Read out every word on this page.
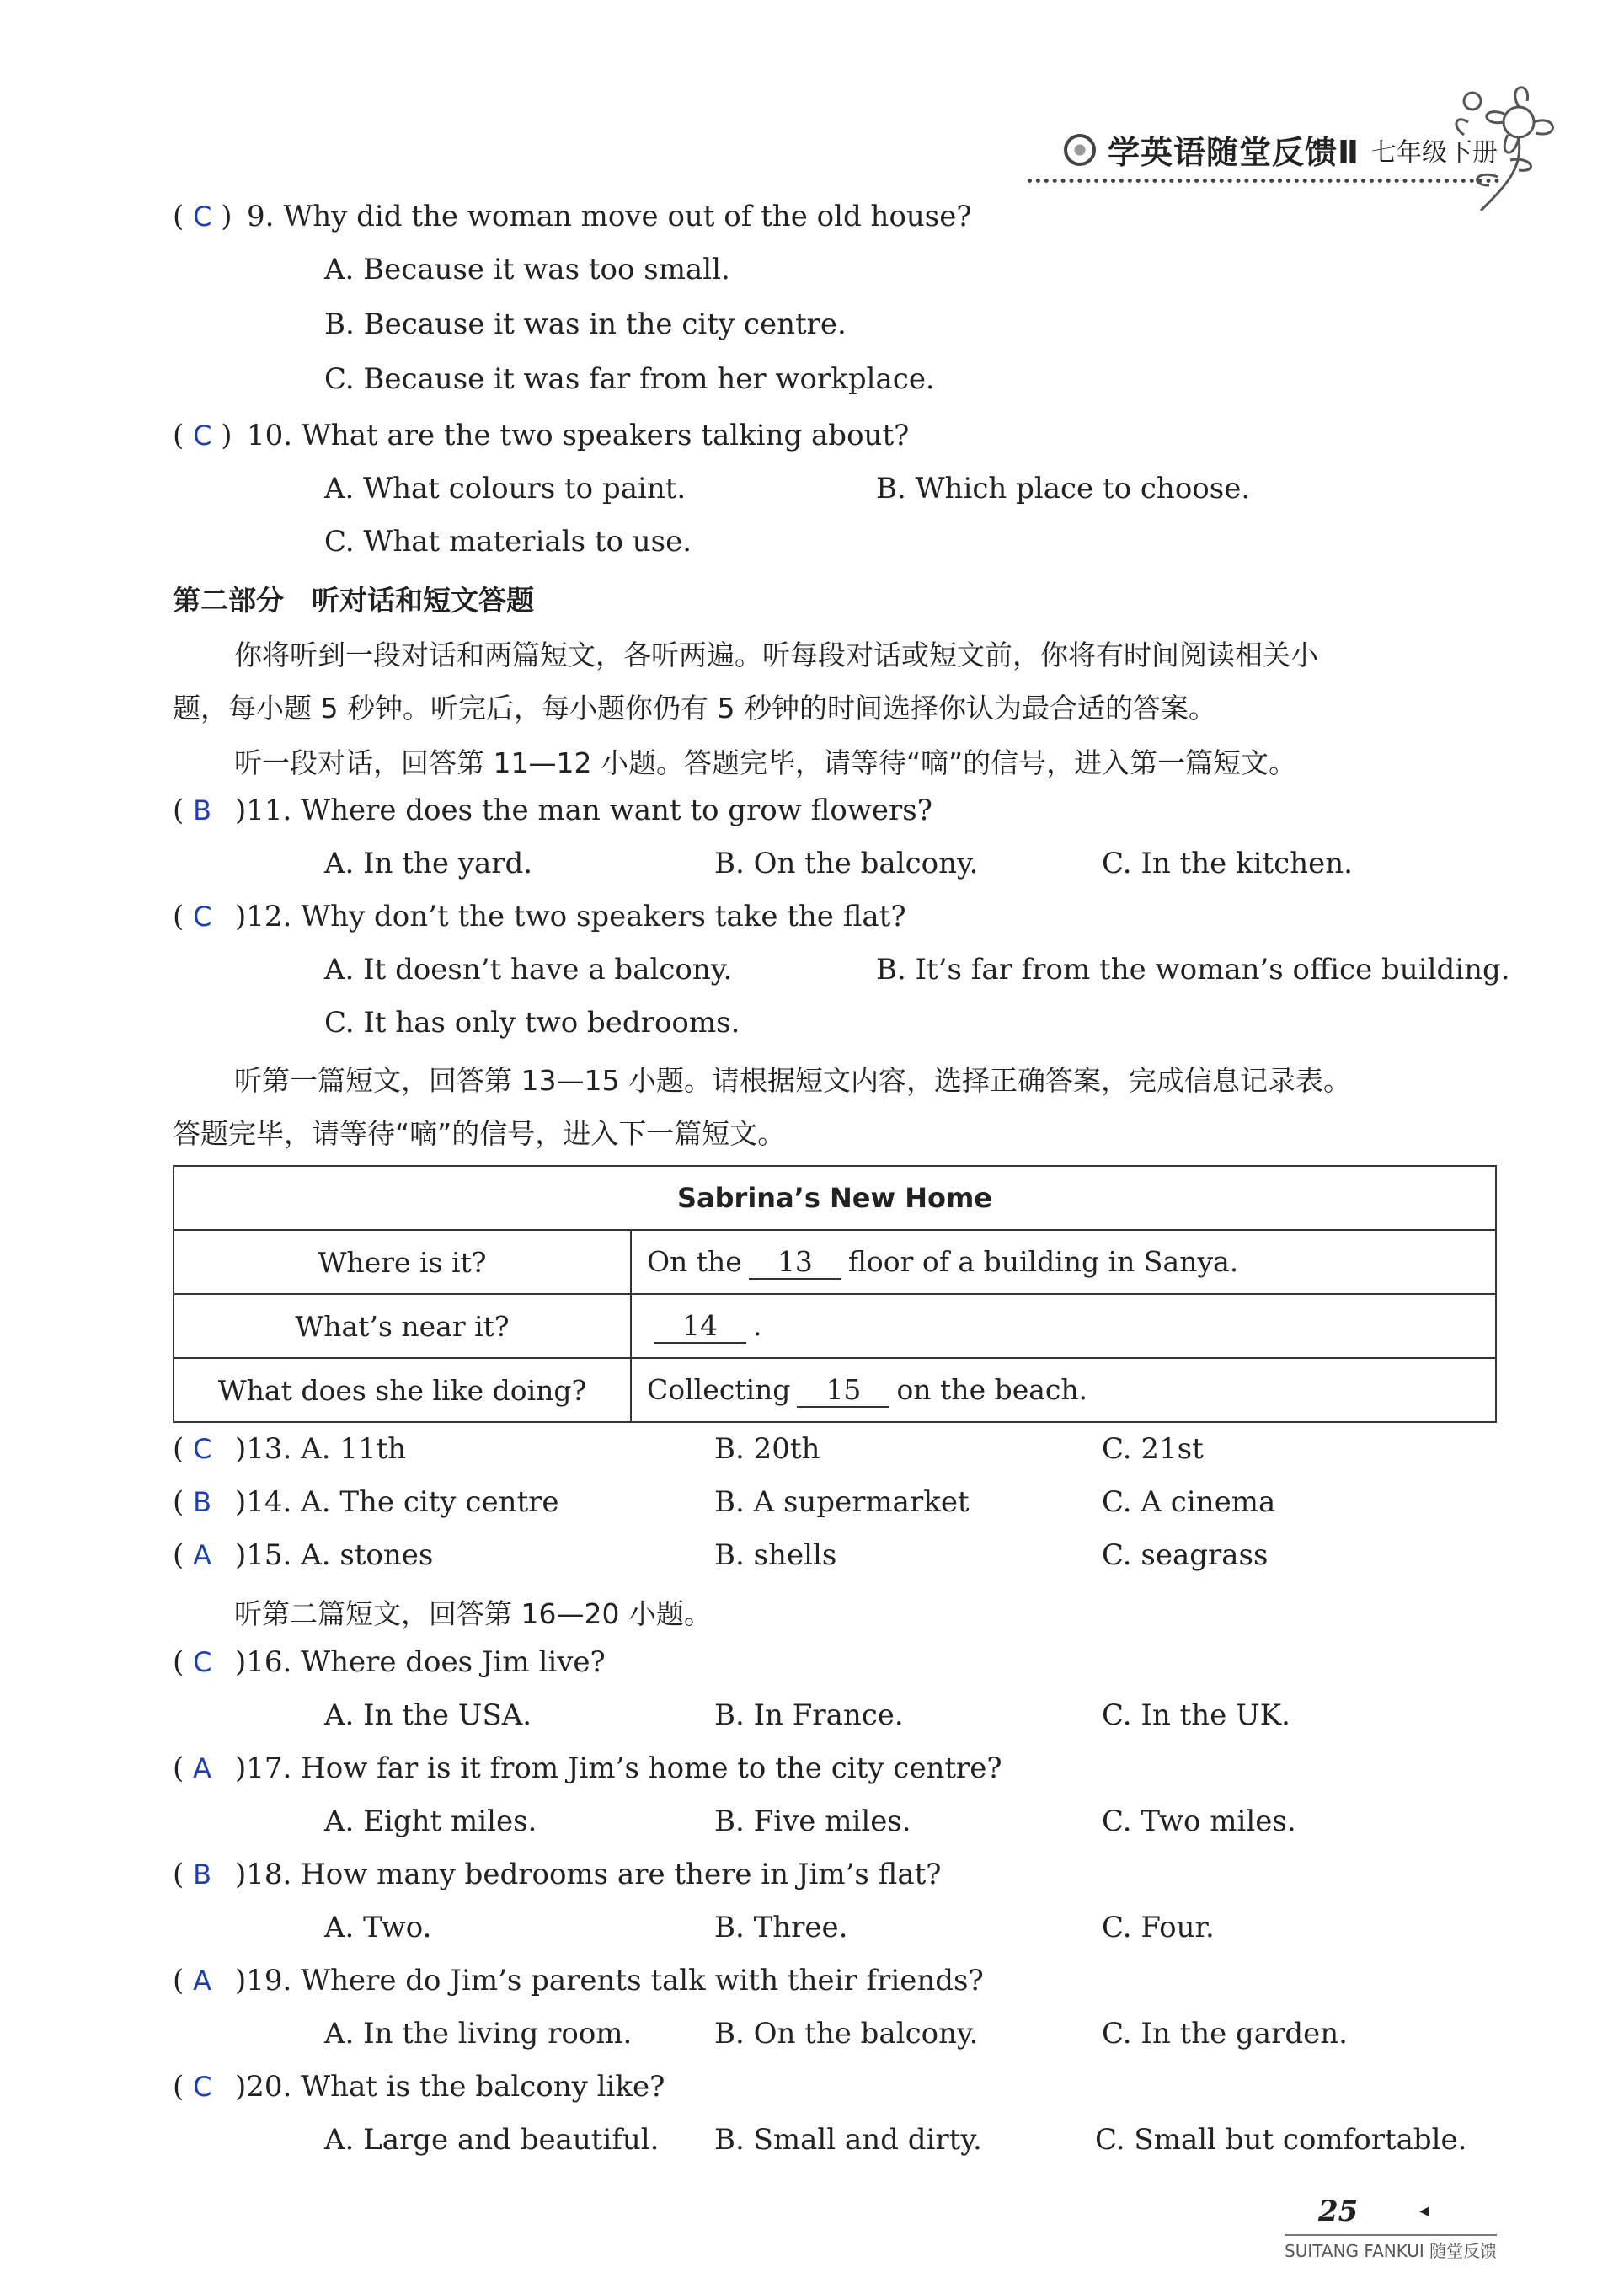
学英语随堂反馈Ⅱ 七年级下册
( C ) 9. Why did the woman move out of the old house?
A. Because it was too small.
B. Because it was in the city centre.
C. Because it was far from her workplace.
( C ) 10. What are the two speakers talking about?
A. What colours to paint.	B. Which place to choose.
C. What materials to use.
第二部分　听对话和短文答题
你将听到一段对话和两篇短文，各听两遍。听每段对话或短文前，你将有时间阅读相关小
题，每小题 5 秒钟。听完后，每小题你仍有 5 秒钟的时间选择你认为最合适的答案。
听一段对话，回答第 11—12 小题。答题完毕，请等待“嘀”的信号，进入第一篇短文。
( B )11. Where does the man want to grow flowers?
A. In the yard.	B. On the balcony.	C. In the kitchen.
( C )12. Why don’t the two speakers take the flat?
A. It doesn’t have a balcony.	B. It’s far from the woman’s office building.
C. It has only two bedrooms.
听第一篇短文，回答第 13—15 小题。请根据短文内容，选择正确答案，完成信息记录表。
答题完毕，请等待“嘀”的信号，进入下一篇短文。
Sabrina’s New Home	
Where is it?	On the 13 floor of a building in Sanya.
What’s near it?	14 .
What does she like doing?	Collecting 15 on the beach.
( C )13. A. 11th	B. 20th	C. 21st
( B )14. A. The city centre	B. A supermarket	C. A cinema
( A )15. A. stones	B. shells	C. seagrass
听第二篇短文，回答第 16—20 小题。
( C )16. Where does Jim live?
A. In the USA.	B. In France.	C. In the UK.
( A )17. How far is it from Jim’s home to the city centre?
A. Eight miles.	B. Five miles.	C. Two miles.
( B )18. How many bedrooms are there in Jim’s flat?
A. Two.	B. Three.	C. Four.
( A )19. Where do Jim’s parents talk with their friends?
A. In the living room.	B. On the balcony.	C. In the garden.
( C )20. What is the balcony like?
A. Large and beautiful. B. Small and dirty.	C. Small but comfortable.
25	◂
SUITANG FANKUI 随堂反馈
